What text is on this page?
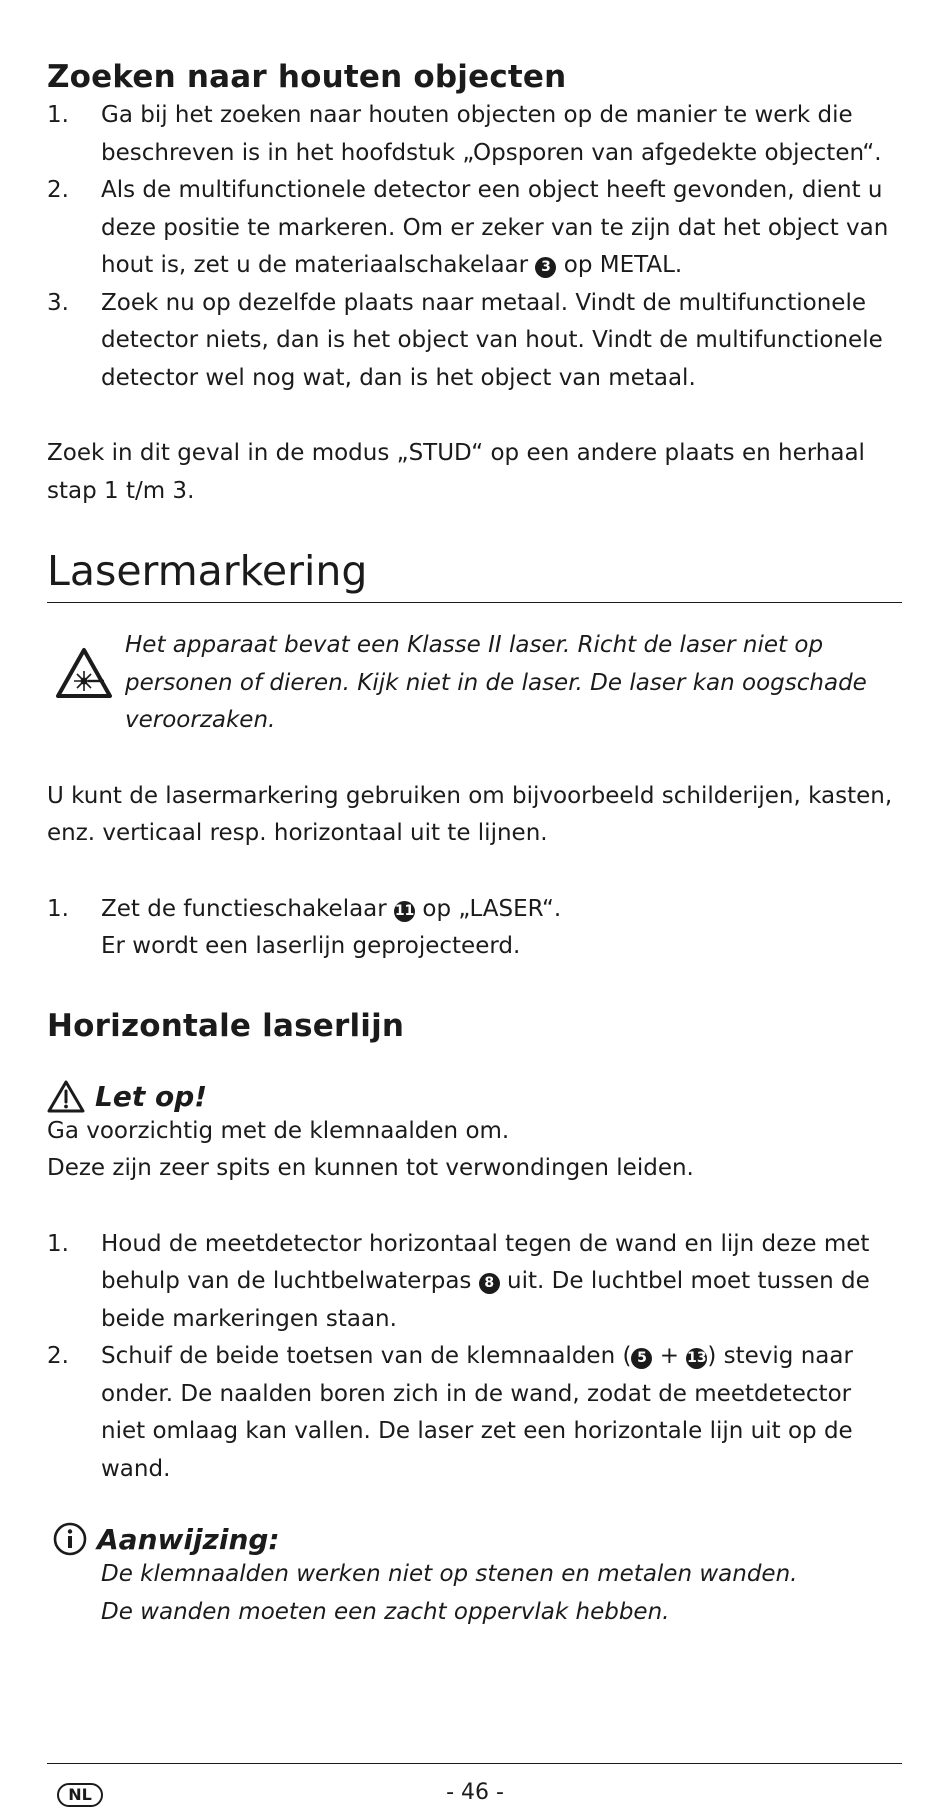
Zoeken naar houten objecten
1. Ga bij het zoeken naar houten objecten op de manier te werk die beschreven is in het hoofdstuk „Opsporen van afgedekte objecten“.
2. Als de multifunctionele detector een object heeft gevonden, dient u deze positie te markeren. Om er zeker van te zijn dat het object van hout is, zet u de materiaalschakelaar 3 op METAL.
3. Zoek nu op dezelfde plaats naar metaal. Vindt de multifunctionele detector niets, dan is het object van hout. Vindt de multifunctionele detector wel nog wat, dan is het object van metaal.

Zoek in dit geval in de modus „STUD“ op een andere plaats en herhaal stap 1 t/m 3.

Lasermarkering
Het apparaat bevat een Klasse II laser. Richt de laser niet op personen of dieren. Kijk niet in de laser. De laser kan oogschade veroorzaken.

U kunt de lasermarkering gebruiken om bijvoorbeeld schilderijen, kasten, enz. verticaal resp. horizontaal uit te lijnen.

1. Zet de functieschakelaar 11 op „LASER“.
Er wordt een laserlijn geprojecteerd.
Horizontale laserlijn
Let op!
Ga voorzichtig met de klemnaalden om.
Deze zijn zeer spits en kunnen tot verwondingen leiden.
1. Houd de meetdetector horizontaal tegen de wand en lijn deze met behulp van de luchtbelwaterpas 8 uit. De luchtbel moet tussen de beide markeringen staan.
2. Schuif de beide toetsen van de klemnaalden ( 5 + 13) stevig naar onder. De naalden boren zich in de wand, zodat de meetdetector niet omlaag kan vallen. De laser zet een horizontale lijn uit op de wand.
Aanwijzing:
De klemnaalden werken niet op stenen en metalen wanden.
De wanden moeten een zacht oppervlak hebben.
NL	- 46 -
